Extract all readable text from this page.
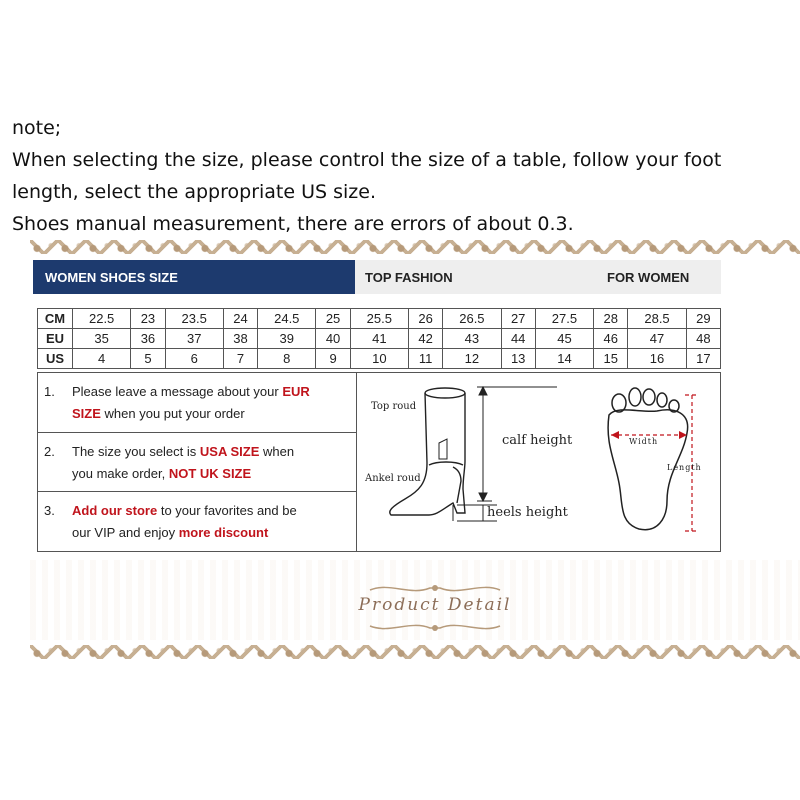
note;
When selecting the size, please control the size of a table, follow your foot
length, select the appropriate US size.
Shoes manual measurement, there are errors of about 0.3.
WOMEN SHOES SIZE	TOP FASHION	FOR WOMEN
CM	22.5	23	23.5	24	24.5	25	25.5	26	26.5	27	27.5	28	28.5	29
EU	35	36	37	38	39	40	41	42	43	44	45	46	47	48
US	4	5	6	7	8	9	10	11	12	13	14	15	16	17
1. Please leave a message about your EUR
SIZE when you put your order
2. The size you select is USA SIZE when
you make order, NOT UK SIZE
3. Add our store to your favorites and be
our VIP and enjoy more discount
Top roud
calf height
Ankel roud
heels height
Width
Length
Product Detail
